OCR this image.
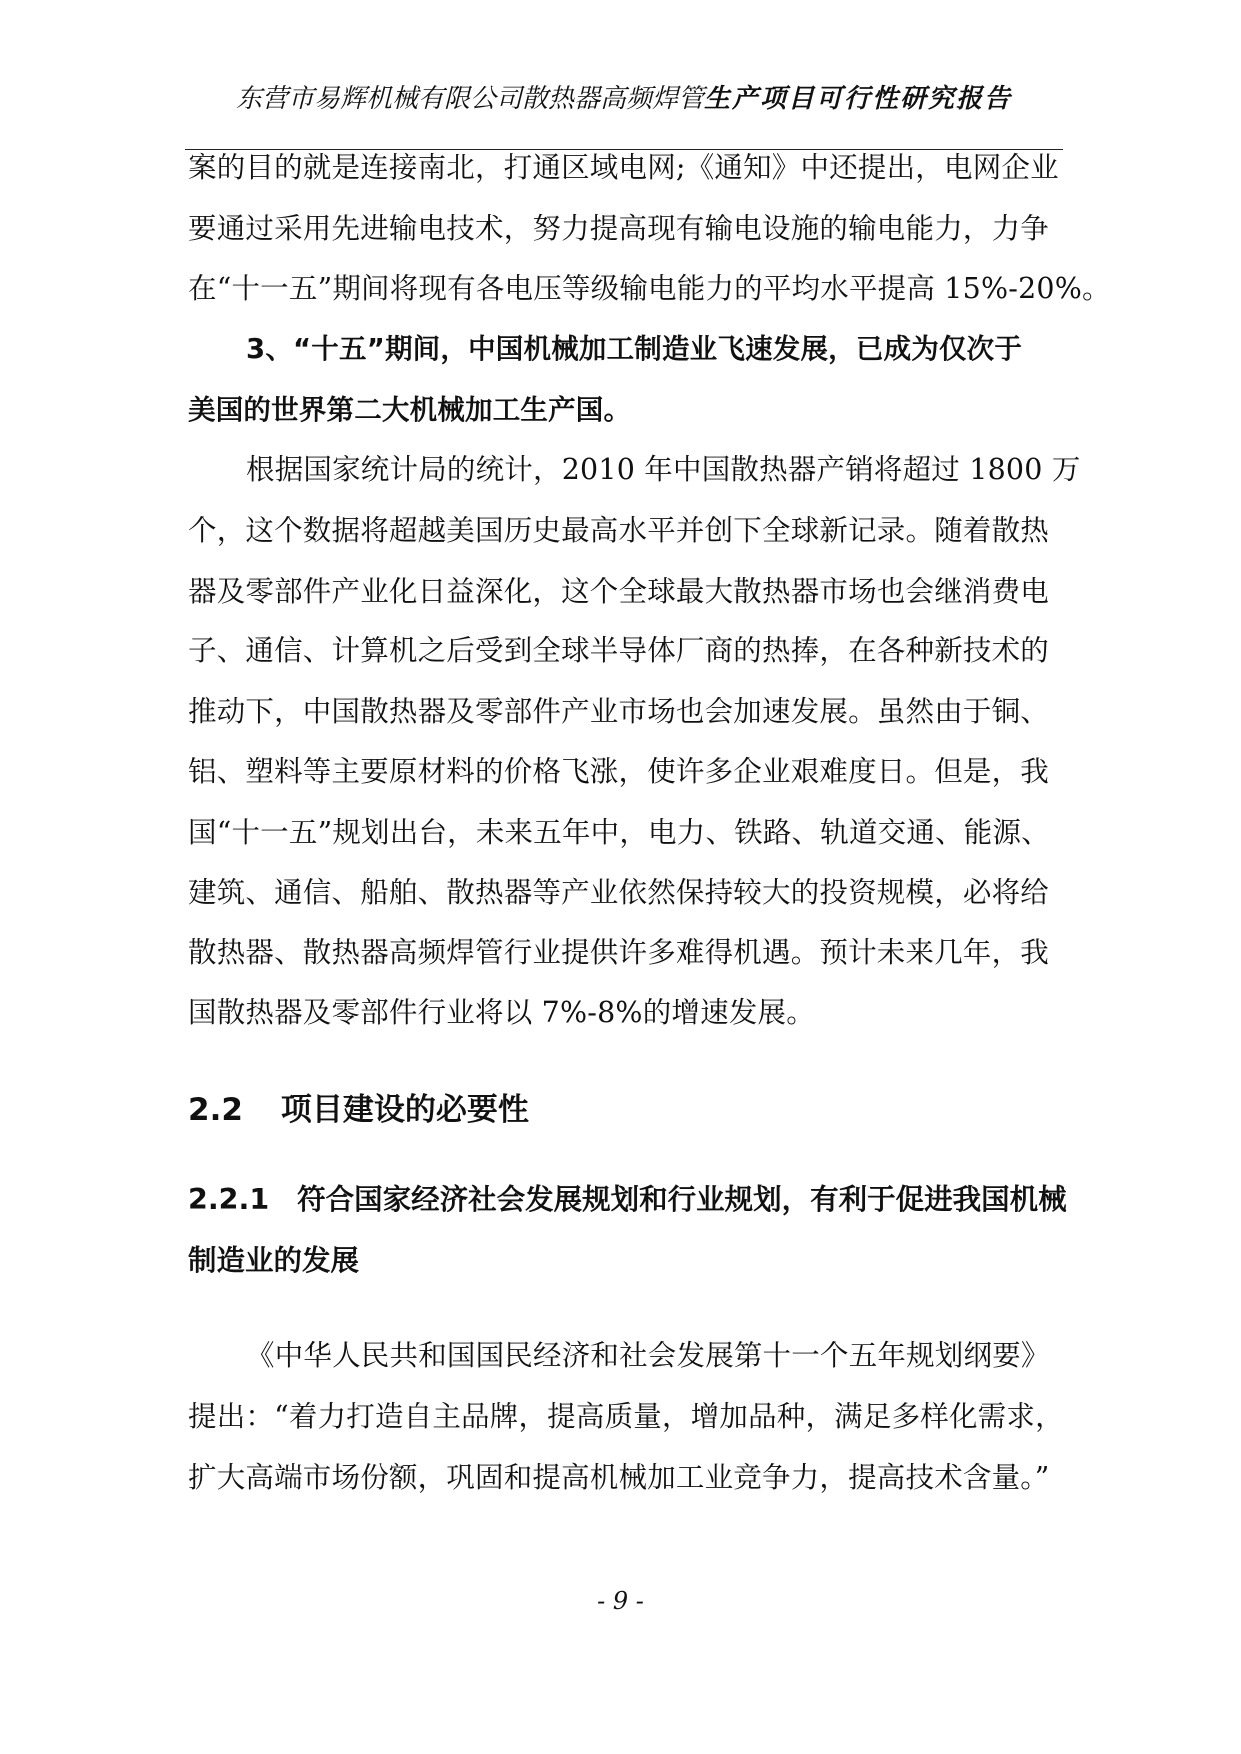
东营市易辉机械有限公司散热器高频焊管生产项目可行性研究报告
案的目的就是连接南北，打通区域电网;《通知》中还提出，电网企业
要通过采用先进输电技术，努力提高现有输电设施的输电能力，力争
在“十一五”期间将现有各电压等级输电能力的平均水平提高 15%-20%。
3、“十五”期间，中国机械加工制造业飞速发展，已成为仅次于
美国的世界第二大机械加工生产国。
根据国家统计局的统计，2010 年中国散热器产销将超过 1800 万
个，这个数据将超越美国历史最高水平并创下全球新记录。随着散热
器及零部件产业化日益深化，这个全球最大散热器市场也会继消费电
子、通信、计算机之后受到全球半导体厂商的热捧，在各种新技术的
推动下，中国散热器及零部件产业市场也会加速发展。虽然由于铜、
铝、塑料等主要原材料的价格飞涨，使许多企业艰难度日。但是，我
国“十一五”规划出台，未来五年中，电力、铁路、轨道交通、能源、
建筑、通信、船舶、散热器等产业依然保持较大的投资规模，必将给
散热器、散热器高频焊管行业提供许多难得机遇。预计未来几年，我
国散热器及零部件行业将以 7%-8%的增速发展。
2.2 项目建设的必要性
2.2.1 符合国家经济社会发展规划和行业规划，有利于促进我国机械
制造业的发展
《中华人民共和国国民经济和社会发展第十一个五年规划纲要》
提出：“着力打造自主品牌，提高质量，增加品种，满足多样化需求，
扩大高端市场份额，巩固和提高机械加工业竞争力，提高技术含量。”
- 9 -
